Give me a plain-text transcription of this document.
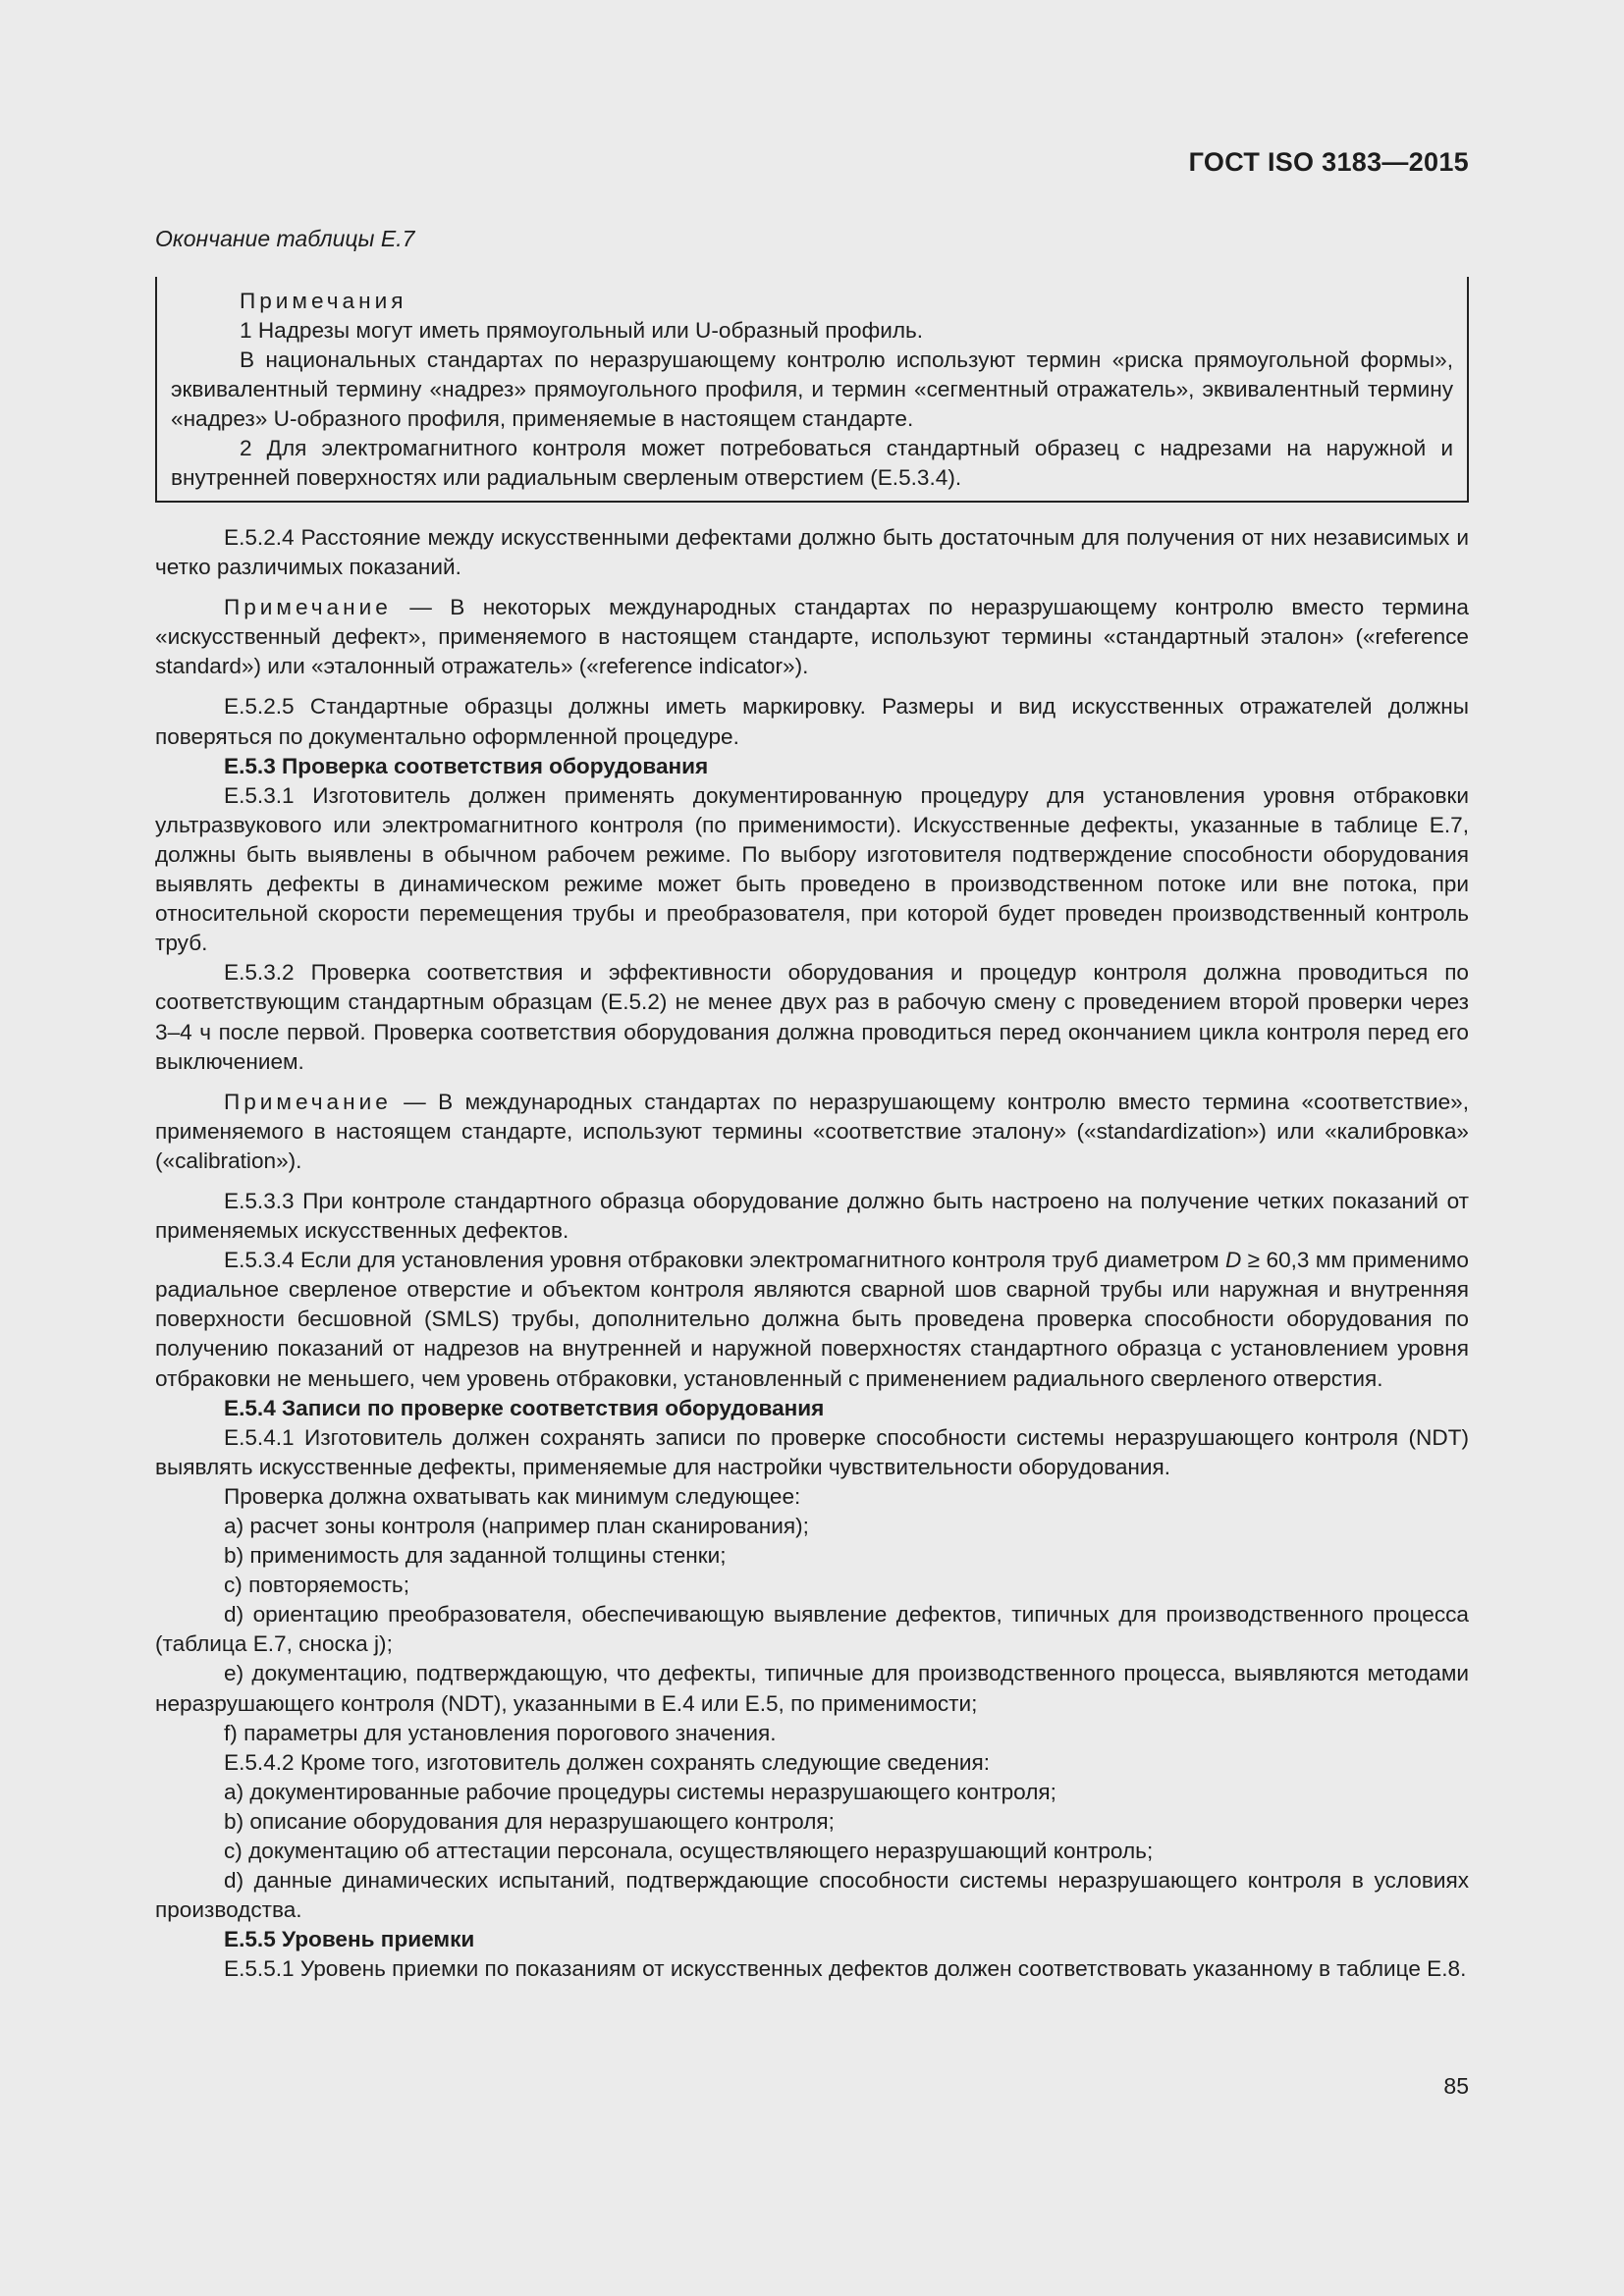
ГОСТ ISO 3183—2015
Окончание таблицы Е.7

Примечания

1 Надрезы могут иметь прямоугольный или U-образный профиль.

В национальных стандартах по неразрушающему контролю используют термин «риска прямоугольной формы», эквивалентный термину «надрез» прямоугольного профиля, и термин «сегментный отражатель», эквивалентный термину «надрез» U-образного профиля, применяемые в настоящем стандарте.

2 Для электромагнитного контроля может потребоваться стандартный образец с надрезами на наружной и внутренней поверхностях или радиальным сверленым отверстием (Е.5.3.4).

Е.5.2.4 Расстояние между искусственными дефектами должно быть достаточным для получения от них независимых и четко различимых показаний.

Примечание — В некоторых международных стандартах по неразрушающему контролю вместо термина «искусственный дефект», применяемого в настоящем стандарте, используют термины «стандартный эталон» («reference standard») или «эталонный отражатель» («reference indicator»).

Е.5.2.5 Стандартные образцы должны иметь маркировку. Размеры и вид искусственных отражателей должны поверяться по документально оформленной процедуре.

Е.5.3 Проверка соответствия оборудования

Е.5.3.1 Изготовитель должен применять документированную процедуру для установления уровня отбраковки ультразвукового или электромагнитного контроля (по применимости). Искусственные дефекты, указанные в таблице Е.7, должны быть выявлены в обычном рабочем режиме. По выбору изготовителя подтверждение способности оборудования выявлять дефекты в динамическом режиме может быть проведено в производственном потоке или вне потока, при относительной скорости перемещения трубы и преобразователя, при которой будет проведен производственный контроль труб.

Е.5.3.2 Проверка соответствия и эффективности оборудования и процедур контроля должна проводиться по соответствующим стандартным образцам (Е.5.2) не менее двух раз в рабочую смену с проведением второй проверки через 3–4 ч после первой. Проверка соответствия оборудования должна проводиться перед окончанием цикла контроля перед его выключением.

Примечание — В международных стандартах по неразрушающему контролю вместо термина «соответствие», применяемого в настоящем стандарте, используют термины «соответствие эталону» («standardization») или «калибровка» («calibration»).

Е.5.3.3 При контроле стандартного образца оборудование должно быть настроено на получение четких показаний от применяемых искусственных дефектов.

Е.5.3.4 Если для установления уровня отбраковки электромагнитного контроля труб диаметром D ≥ 60,3 мм применимо радиальное сверленое отверстие и объектом контроля являются сварной шов сварной трубы или наружная и внутренняя поверхности бесшовной (SMLS) трубы, дополнительно должна быть проведена проверка способности оборудования по получению показаний от надрезов на внутренней и наружной поверхностях стандартного образца с установлением уровня отбраковки не меньшего, чем уровень отбраковки, установленный с применением радиального сверленого отверстия.

Е.5.4 Записи по проверке соответствия оборудования

Е.5.4.1 Изготовитель должен сохранять записи по проверке способности системы неразрушающего контроля (NDT) выявлять искусственные дефекты, применяемые для настройки чувствительности оборудования.

Проверка должна охватывать как минимум следующее:

a) расчет зоны контроля (например план сканирования);

b) применимость для заданной толщины стенки;

c) повторяемость;

d) ориентацию преобразователя, обеспечивающую выявление дефектов, типичных для производственного процесса (таблица Е.7, сноска j);

e) документацию, подтверждающую, что дефекты, типичные для производственного процесса, выявляются методами неразрушающего контроля (NDT), указанными в Е.4 или Е.5, по применимости;

f) параметры для установления порогового значения.

Е.5.4.2 Кроме того, изготовитель должен сохранять следующие сведения:

a) документированные рабочие процедуры системы неразрушающего контроля;

b) описание оборудования для неразрушающего контроля;

c) документацию об аттестации персонала, осуществляющего неразрушающий контроль;

d) данные динамических испытаний, подтверждающие способности системы неразрушающего контроля в условиях производства.

Е.5.5 Уровень приемки

Е.5.5.1 Уровень приемки по показаниям от искусственных дефектов должен соответствовать указанному в таблице Е.8.

85
